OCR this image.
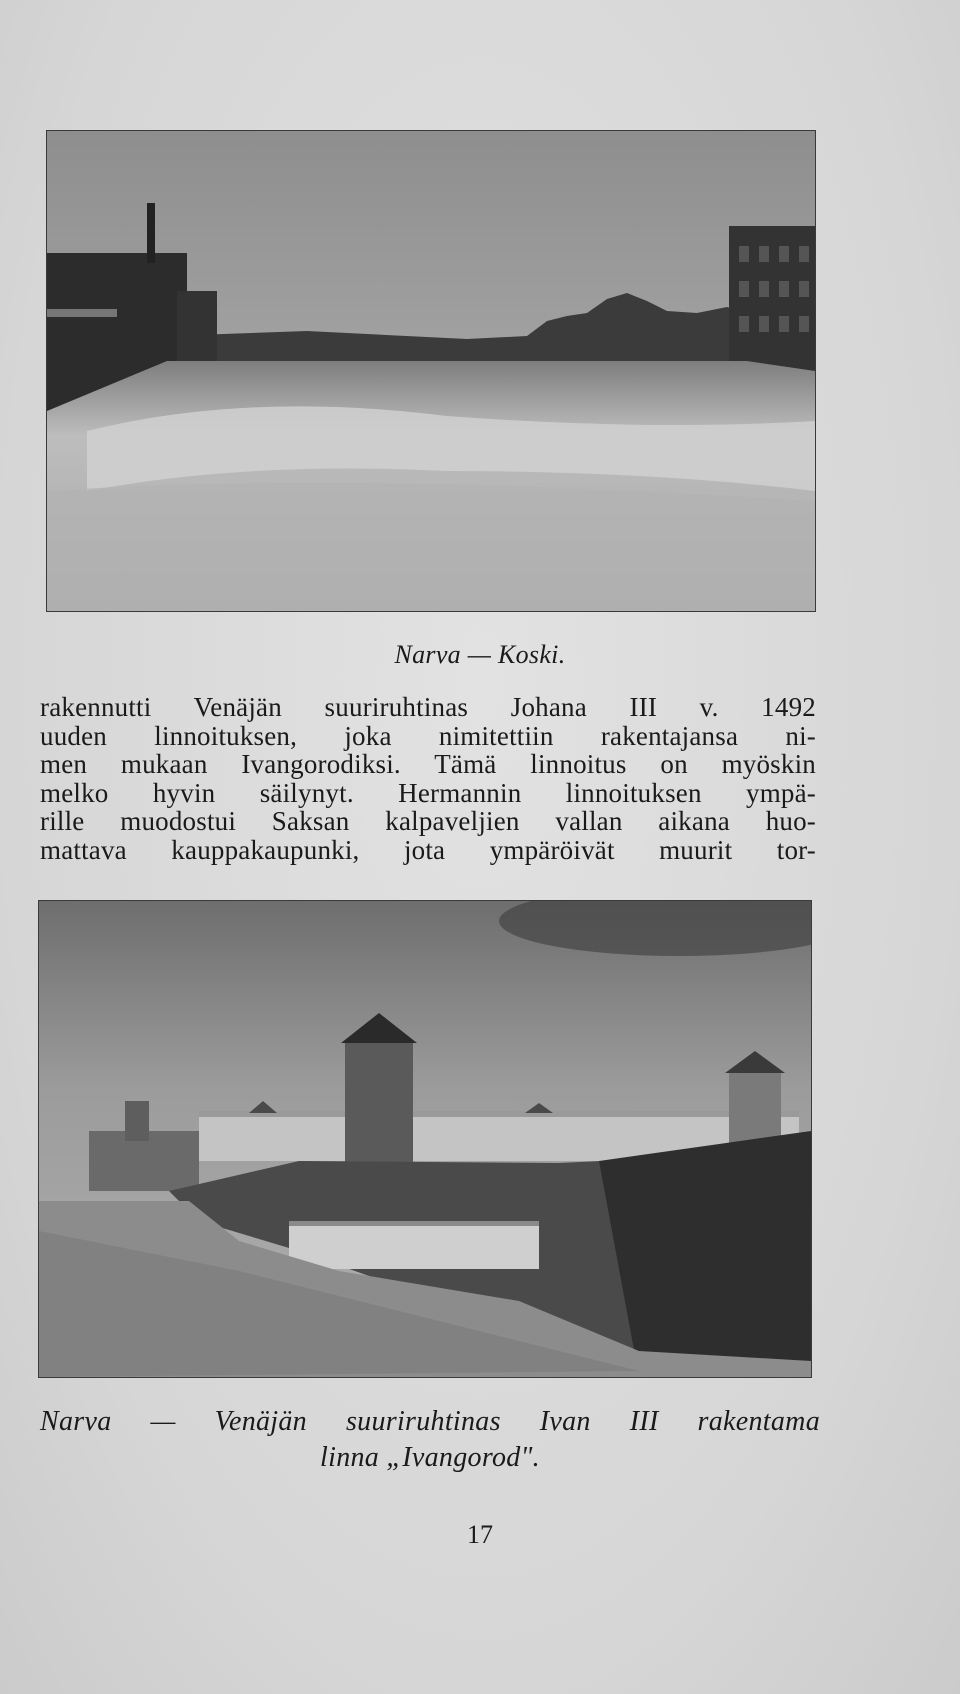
Narva — Koski.
rakennutti Venäjän suuriruhtinas Johana III v. 1492
uuden linnoituksen, joka nimitettiin rakentajansa ni-
men mukaan Ivangorodiksi. Tämä linnoitus on myöskin
melko hyvin säilynyt. Hermannin linnoituksen ympä-
rille muodostui Saksan kalpaveljien vallan aikana huo-
mattava kauppakaupunki, jota ympäröivät muurit tor-
Narva — Venäjän suuriruhtinas Ivan III rakentama
linna „Ivangorod".
17
